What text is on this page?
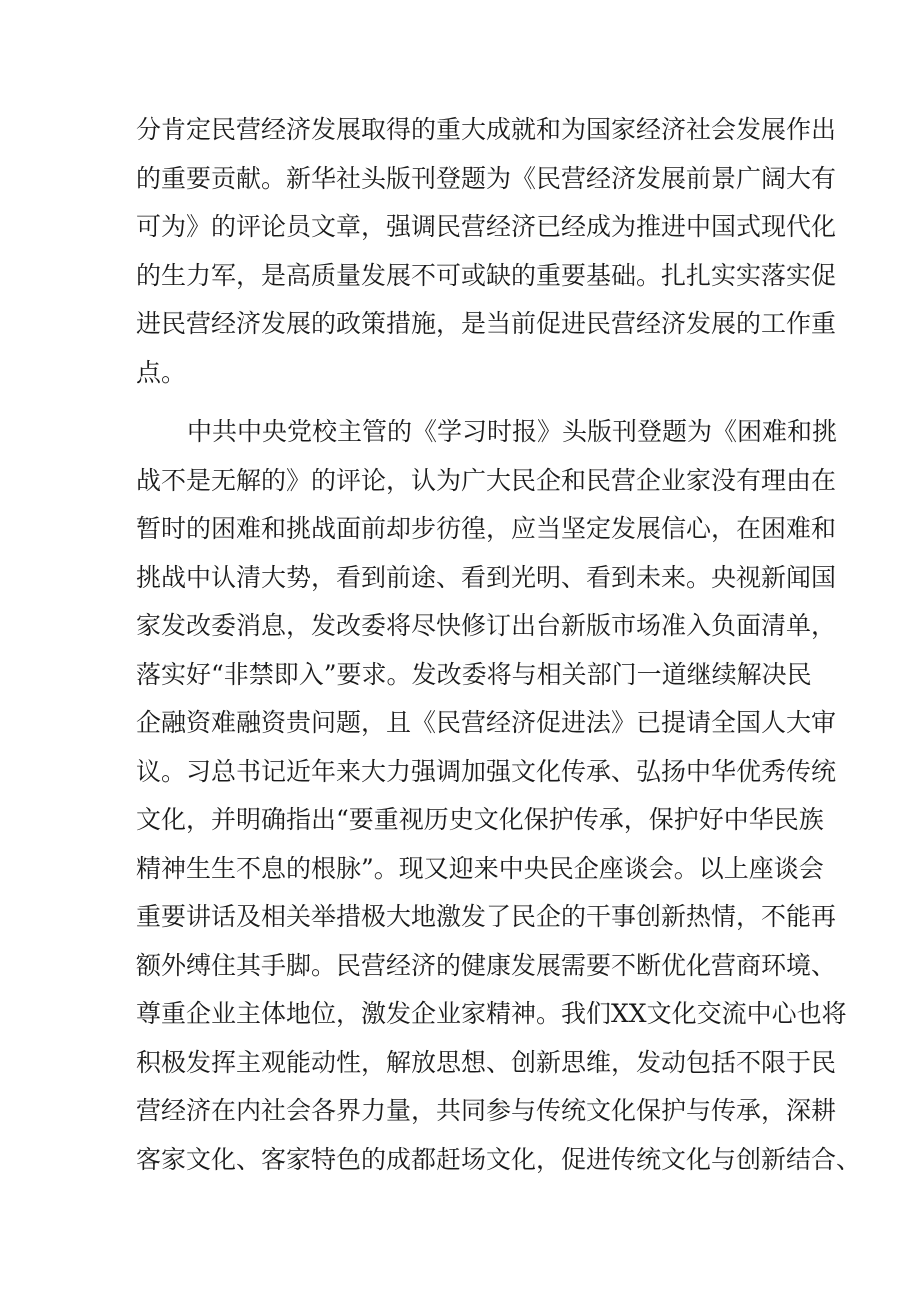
分肯定民营经济发展取得的重大成就和为国家经济社会发展作出
的重要贡献。新华社头版刊登题为《民营经济发展前景广阔大有
可为》的评论员文章，强调民营经济已经成为推进中国式现代化
的生力军，是高质量发展不可或缺的重要基础。扎扎实实落实促
进民营经济发展的政策措施，是当前促进民营经济发展的工作重
点。
中共中央党校主管的《学习时报》头版刊登题为《困难和挑
战不是无解的》的评论，认为广大民企和民营企业家没有理由在
暂时的困难和挑战面前却步彷徨，应当坚定发展信心，在困难和
挑战中认清大势，看到前途、看到光明、看到未来。央视新闻国
家发改委消息，发改委将尽快修订出台新版市场准入负面清单，
落实好“非禁即入”要求。发改委将与相关部门一道继续解决民
企融资难融资贵问题，且《民营经济促进法》已提请全国人大审
议。习总书记近年来大力强调加强文化传承、弘扬中华优秀传统
文化，并明确指出“要重视历史文化保护传承，保护好中华民族
精神生生不息的根脉”。现又迎来中央民企座谈会。以上座谈会
重要讲话及相关举措极大地激发了民企的干事创新热情，不能再
额外缚住其手脚。民营经济的健康发展需要不断优化营商环境、
尊重企业主体地位，激发企业家精神。我们XX文化交流中心也将
积极发挥主观能动性，解放思想、创新思维，发动包括不限于民
营经济在内社会各界力量，共同参与传统文化保护与传承，深耕
客家文化、客家特色的成都赶场文化，促进传统文化与创新结合、
